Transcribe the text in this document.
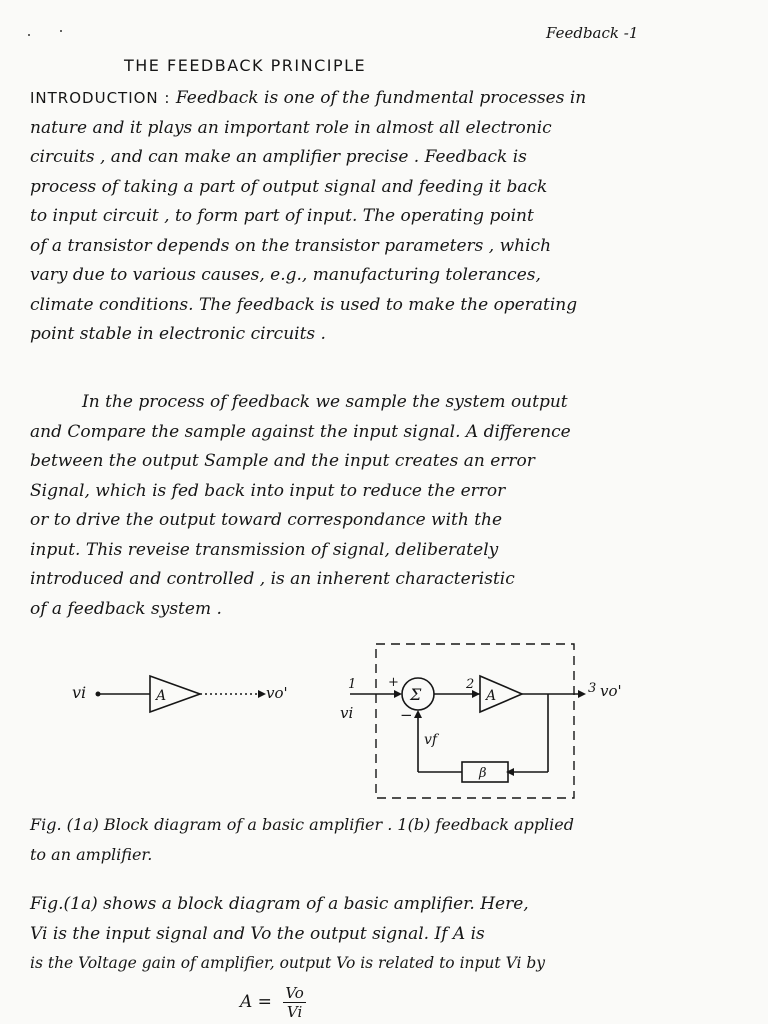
Feedback -1
THE FEEDBACK PRINCIPLE
INTRODUCTION : Feedback is one of the fundmental processes in
nature and it plays an important role in almost all electronic
circuits , and can make an amplifier precise . Feedback is
process of taking a part of output signal and feeding it back
to input circuit , to form part of input. The operating point
of a transistor depends on the transistor parameters , which
vary due to various causes, e.g., manufacturing tolerances,
climate conditions. The feedback is used to make the operating
point stable in electronic circuits .
In the process of feedback we sample the system output
and Compare the sample against the input signal. A difference
between the output Sample and the input creates an error
Signal, which is fed back into input to reduce the error
or to drive the output toward correspondance with the
input. This reveise transmission of signal, deliberately
introduced and controlled , is an inherent characteristic
of a feedback system .
vi	A	vo'	1
vi
+
Σ
−
2
A	3 vo'
β
vf
Fig. (1a) Block diagram of a basic amplifier . 1(b) feedback applied
to an amplifier.
Fig.(1a) shows a block diagram of a basic amplifier. Here,
Vi is the input signal and Vo the output signal. If A is
is the Voltage gain of amplifier, output Vo is related to input Vi by
$A = \frac{Vo}{Vi}$
